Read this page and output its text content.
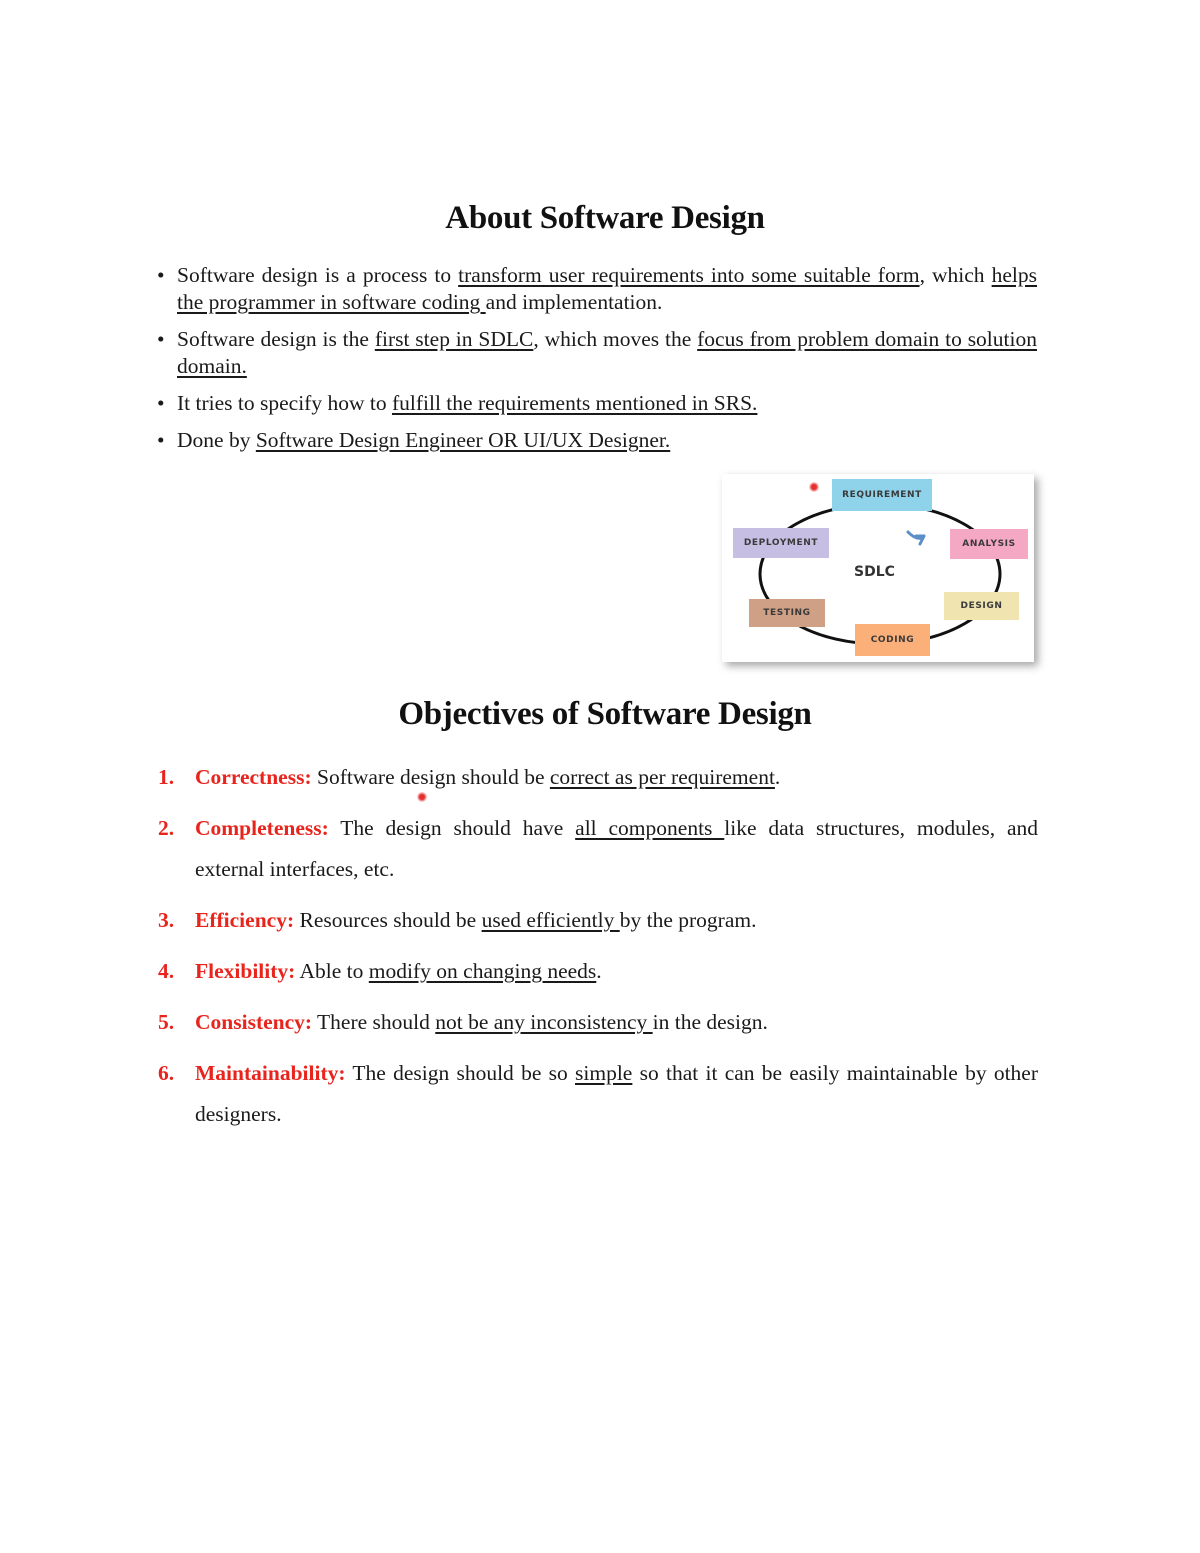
About Software Design
• Software design is a process to transform user requirements into some suitable form, which helps the programmer in software coding and implementation.
• Software design is the first step in SDLC, which moves the focus from problem domain to solution domain.
• It tries to specify how to fulfill the requirements mentioned in SRS.
• Done by Software Design Engineer OR UI/UX Designer.
REQUIREMENT
ANALYSIS
DESIGN
CODING
TESTING
DEPLOYMENT
SDLC
Objectives of Software Design
1. Correctness: Software design should be correct as per requirement.
2. Completeness: The design should have all components like data structures, modules, and external interfaces, etc.
3. Efficiency: Resources should be used efficiently by the program.
4. Flexibility: Able to modify on changing needs.
5. Consistency: There should not be any inconsistency in the design.
6. Maintainability: The design should be so simple so that it can be easily maintainable by other designers.
